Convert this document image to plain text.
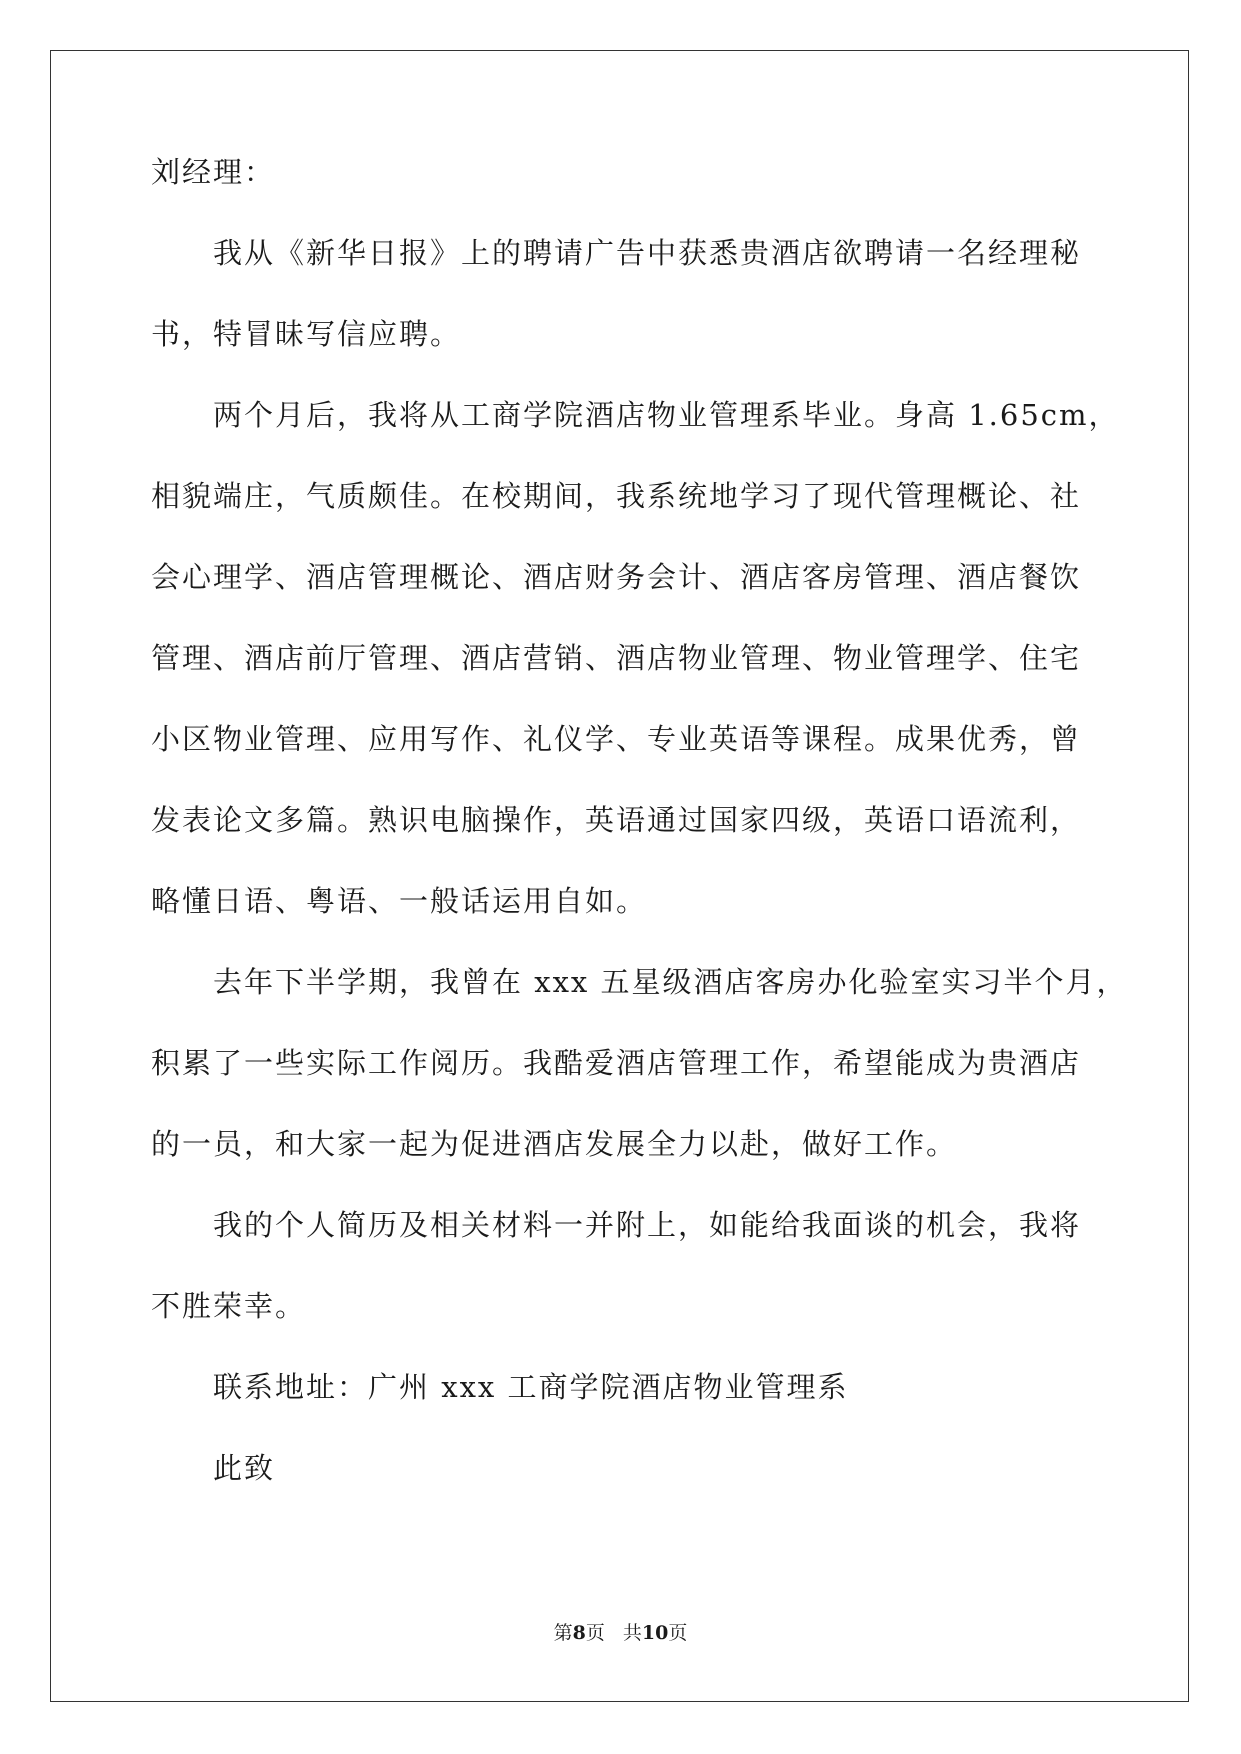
刘经理：
我从《新华日报》上的聘请广告中获悉贵酒店欲聘请一名经理秘
书，特冒昧写信应聘。
两个月后，我将从工商学院酒店物业管理系毕业。身高 1.65cm，
相貌端庄，气质颇佳。在校期间，我系统地学习了现代管理概论、社
会心理学、酒店管理概论、酒店财务会计、酒店客房管理、酒店餐饮
管理、酒店前厅管理、酒店营销、酒店物业管理、物业管理学、住宅
小区物业管理、应用写作、礼仪学、专业英语等课程。成果优秀，曾
发表论文多篇。熟识电脑操作，英语通过国家四级，英语口语流利，
略懂日语、粤语、一般话运用自如。
去年下半学期，我曾在 xxx 五星级酒店客房办化验室实习半个月，
积累了一些实际工作阅历。我酷爱酒店管理工作，希望能成为贵酒店
的一员，和大家一起为促进酒店发展全力以赴，做好工作。
我的个人简历及相关材料一并附上，如能给我面谈的机会，我将
不胜荣幸。
联系地址：广州 xxx 工商学院酒店物业管理系
此致
第8页 共10页
